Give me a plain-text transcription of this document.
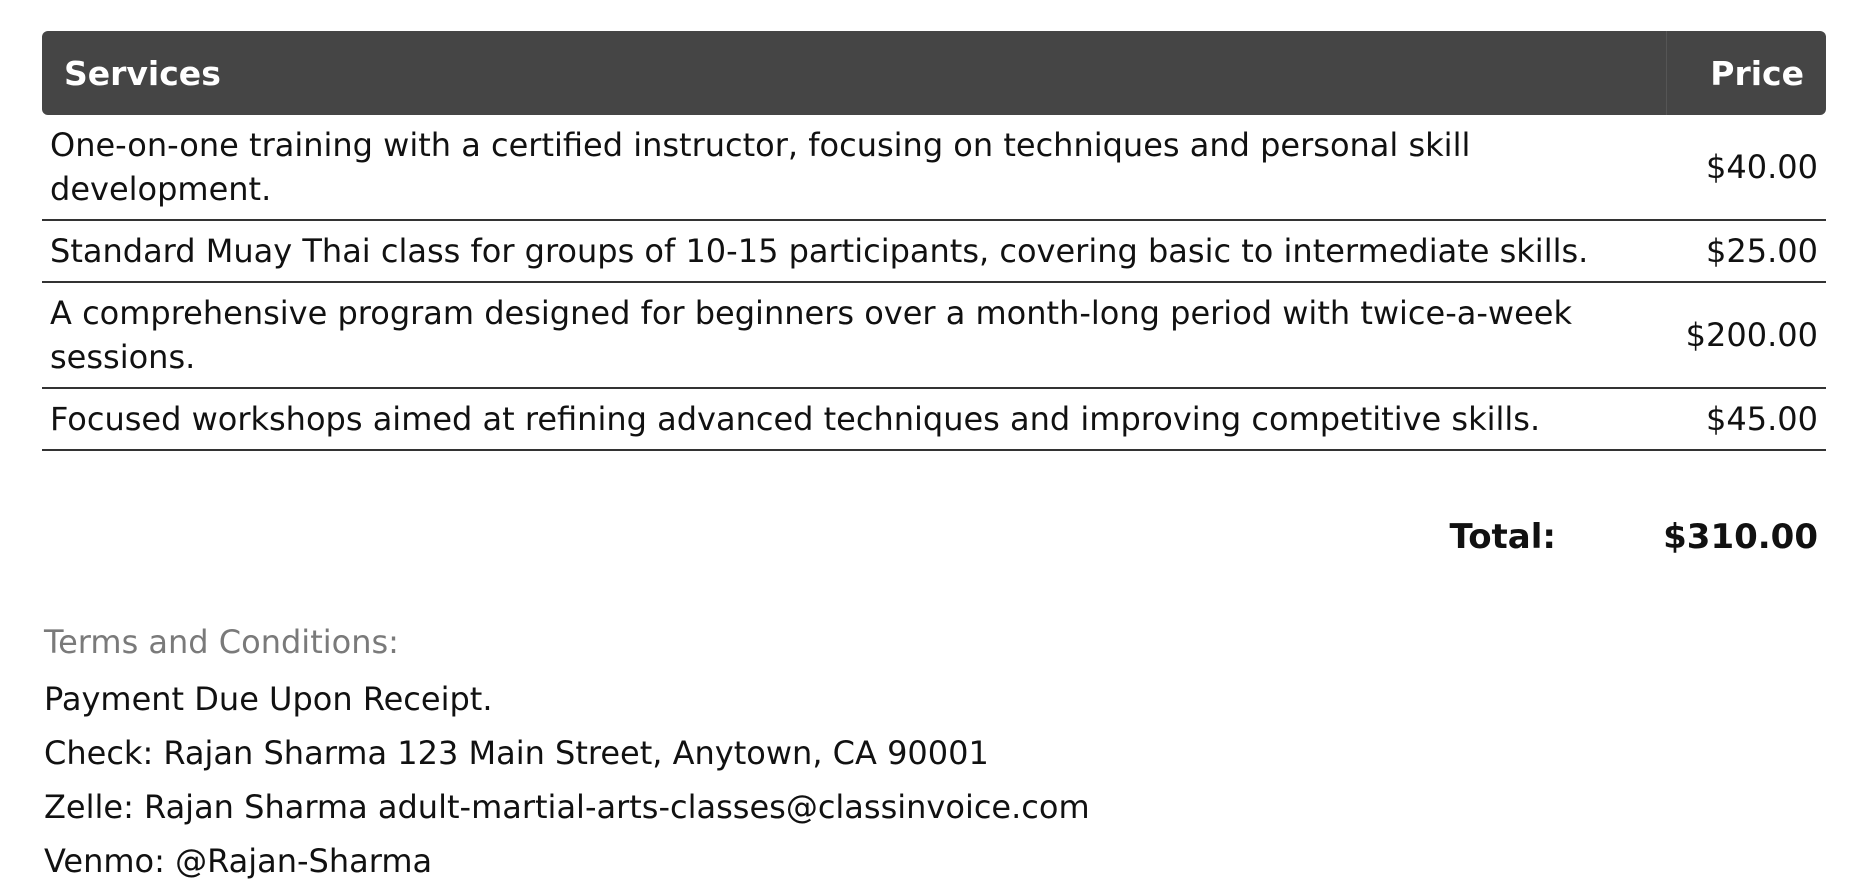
Services	Price
One-on-one training with a certified instructor, focusing on techniques and personal skill development.	$40.00
Standard Muay Thai class for groups of 10-15 participants, covering basic to intermediate skills.	$25.00
A comprehensive program designed for beginners over a month-long period with twice-a-week sessions.	$200.00
Focused workshops aimed at refining advanced techniques and improving competitive skills.	$45.00
Total:	$310.00
Terms and Conditions:
Payment Due Upon Receipt.
Check: Rajan Sharma 123 Main Street, Anytown, CA 90001
Zelle: Rajan Sharma adult-martial-arts-classes@classinvoice.com
Venmo: @Rajan-Sharma
